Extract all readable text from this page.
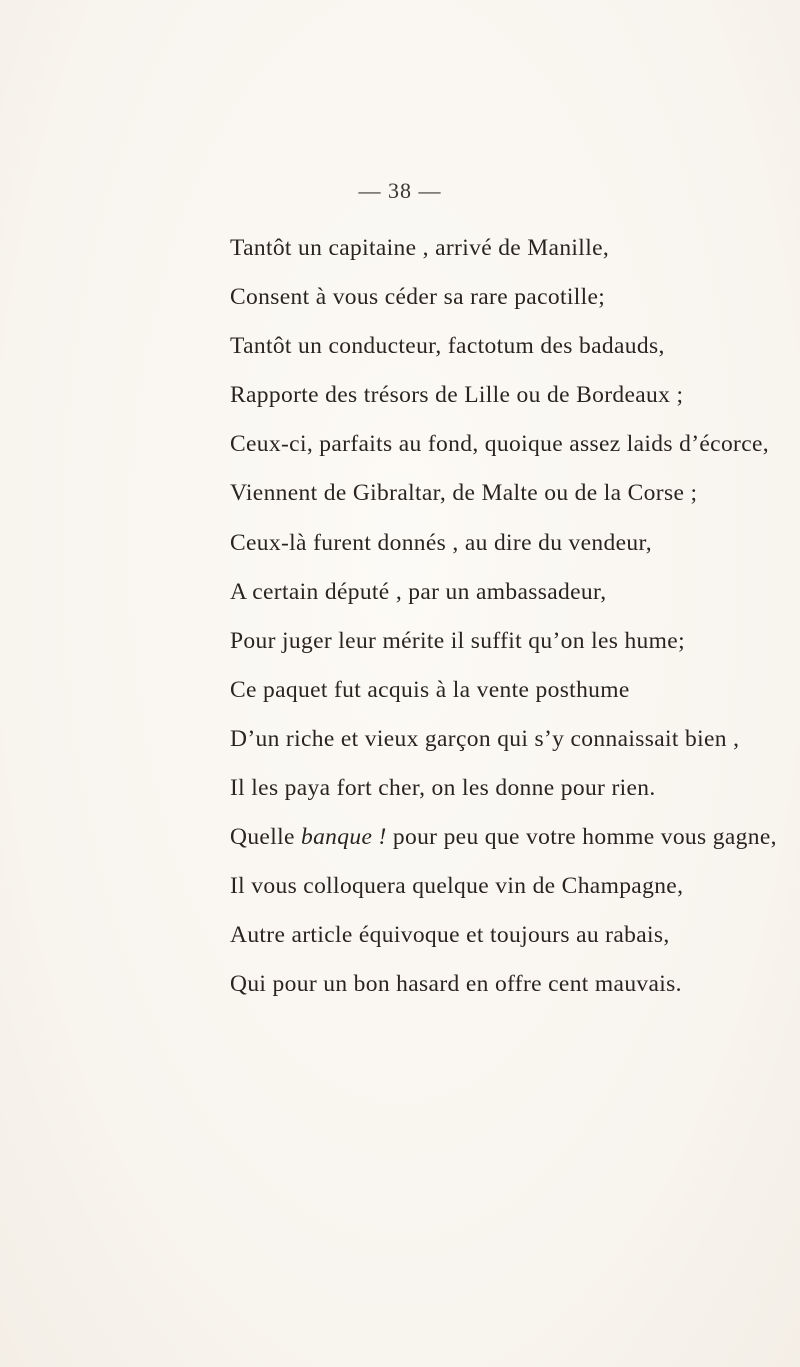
— 38 —
Tantôt un capitaine , arrivé de Manille,
Consent à vous céder sa rare pacotille;
Tantôt un conducteur, factotum des badauds,
Rapporte des trésors de Lille ou de Bordeaux ;
Ceux-ci, parfaits au fond, quoique assez laids d’écorce,
Viennent de Gibraltar, de Malte ou de la Corse ;
Ceux-là furent donnés , au dire du vendeur,
A certain député , par un ambassadeur,
Pour juger leur mérite il suffit qu’on les hume;
Ce paquet fut acquis à la vente posthume
D’un riche et vieux garçon qui s’y connaissait bien ,
Il les paya fort cher, on les donne pour rien.
Quelle banque ! pour peu que votre homme vous gagne,
Il vous colloquera quelque vin de Champagne,
Autre article équivoque et toujours au rabais,
Qui pour un bon hasard en offre cent mauvais.
